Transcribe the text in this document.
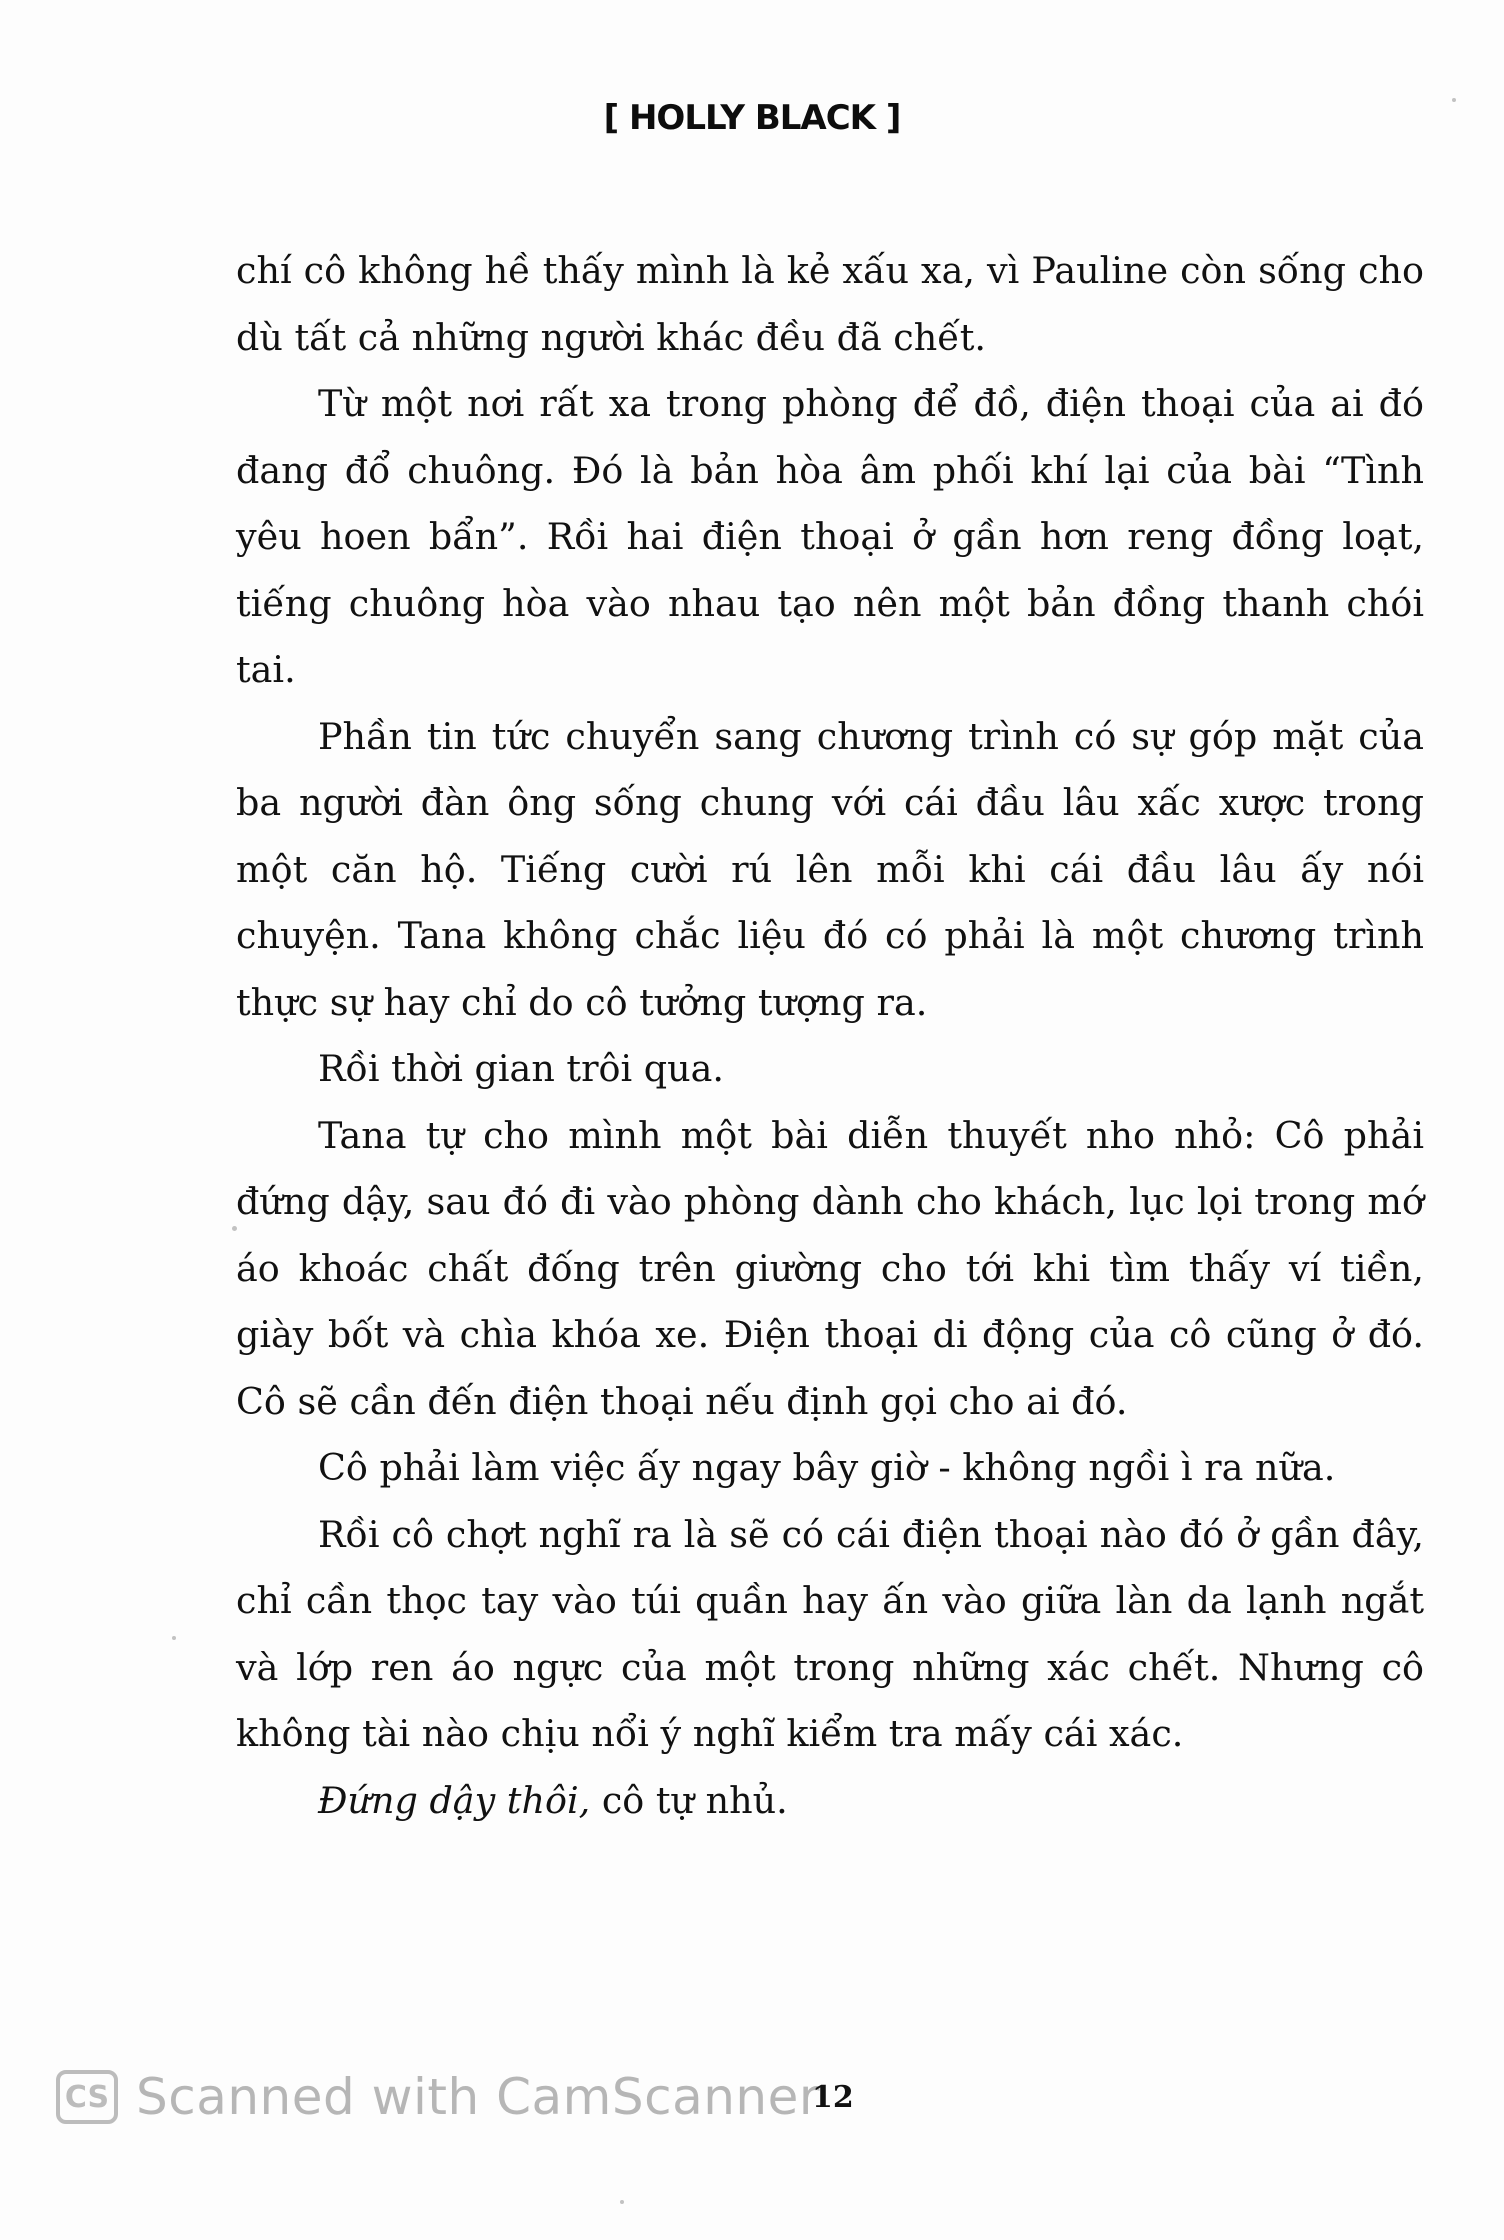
[ HOLLY BLACK ]

chí cô không hề thấy mình là kẻ xấu xa, vì Pauline còn sống cho dù tất cả những người khác đều đã chết.

Từ một nơi rất xa trong phòng để đồ, điện thoại của ai đó đang đổ chuông. Đó là bản hòa âm phối khí lại của bài “Tình yêu hoen bẩn”. Rồi hai điện thoại ở gần hơn reng đồng loạt, tiếng chuông hòa vào nhau tạo nên một bản đồng thanh chói tai.

Phần tin tức chuyển sang chương trình có sự góp mặt của ba người đàn ông sống chung với cái đầu lâu xấc xược trong một căn hộ. Tiếng cười rú lên mỗi khi cái đầu lâu ấy nói chuyện. Tana không chắc liệu đó có phải là một chương trình thực sự hay chỉ do cô tưởng tượng ra.

Rồi thời gian trôi qua.

Tana tự cho mình một bài diễn thuyết nho nhỏ: Cô phải đứng dậy, sau đó đi vào phòng dành cho khách, lục lọi trong mớ áo khoác chất đống trên giường cho tới khi tìm thấy ví tiền, giày bốt và chìa khóa xe. Điện thoại di động của cô cũng ở đó. Cô sẽ cần đến điện thoại nếu định gọi cho ai đó.

Cô phải làm việc ấy ngay bây giờ - không ngồi ì ra nữa.

Rồi cô chợt nghĩ ra là sẽ có cái điện thoại nào đó ở gần đây, chỉ cần thọc tay vào túi quần hay ấn vào giữa làn da lạnh ngắt và lớp ren áo ngực của một trong những xác chết. Nhưng cô không tài nào chịu nổi ý nghĩ kiểm tra mấy cái xác.

Đứng dậy thôi, cô tự nhủ.

CS Scanned with CamScanner
12
